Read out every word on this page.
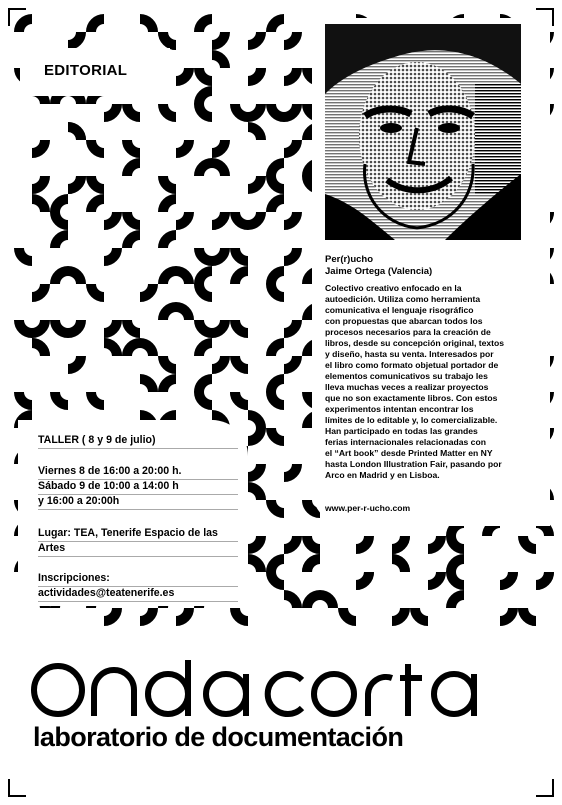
EDITORIAL

Per(r)ucho
Jaime Ortega (Valencia)

Colectivo creativo enfocado en la
autoedición. Utiliza como herramienta
comunicativa el lenguaje risográfico
con propuestas que abarcan todos los
procesos necesarios para la creación de
libros, desde su concepción original, textos
y diseño, hasta su venta. Interesados por
el libro como formato objetual portador de
elementos comunicativos su trabajo les
lleva muchas veces a realizar proyectos
que no son exactamente libros. Con estos
experimentos intentan encontrar los
límites de lo editable y, lo comercializable.
Han participado en todas las grandes
ferias internacionales relacionadas con
el “Art book” desde Printed Matter en NY
hasta London Illustration Fair, pasando por
Arco en Madrid y en Lisboa.

www.per-r-ucho.com

TALLER ( 8 y 9 de julio)

Viernes 8 de 16:00 a 20:00 h.

Sábado 9 de 10:00 a 14:00 h

y 16:00 a 20:00h

Lugar: TEA, Tenerife Espacio de las

Artes

Inscripciones:

actividades@teatenerife.es

laboratorio de documentación
